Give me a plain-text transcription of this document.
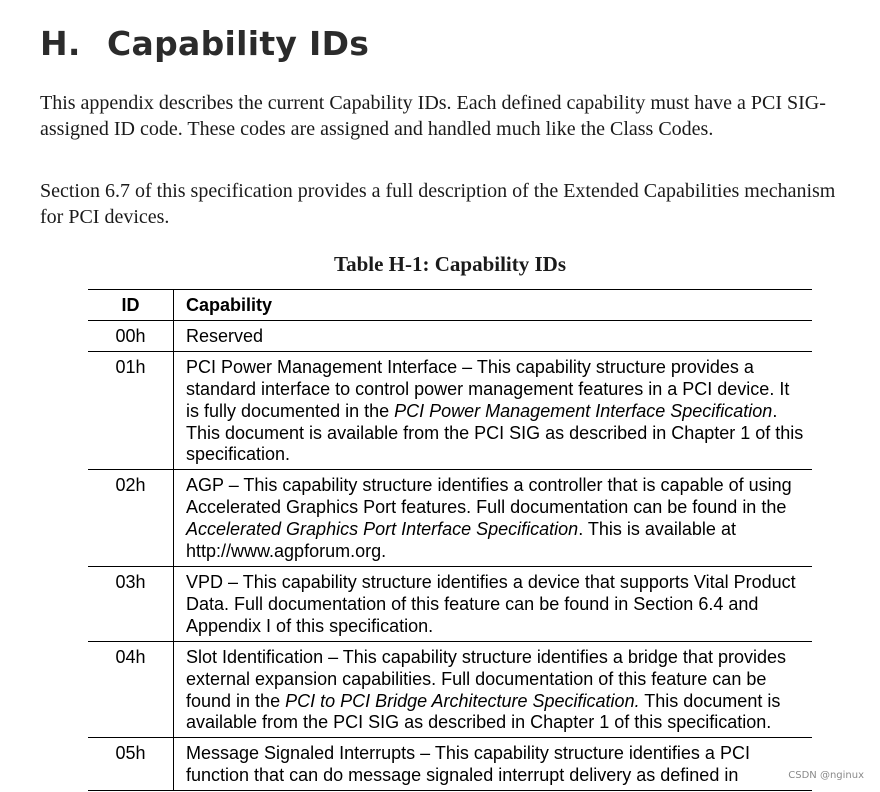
H. Capability IDs

This appendix describes the current Capability IDs. Each defined capability must have a PCI SIG-assigned ID code. These codes are assigned and handled much like the Class Codes.

Section 6.7 of this specification provides a full description of the Extended Capabilities mechanism for PCI devices.

Table H-1: Capability IDs
ID	Capability
00h	Reserved
01h	PCI Power Management Interface – This capability structure provides a standard interface to control power management features in a PCI device. It is fully documented in the PCI Power Management Interface Specification. This document is available from the PCI SIG as described in Chapter 1 of this specification.
02h	AGP – This capability structure identifies a controller that is capable of using Accelerated Graphics Port features. Full documentation can be found in the Accelerated Graphics Port Interface Specification. This is available at http://www.agpforum.org.
03h	VPD – This capability structure identifies a device that supports Vital Product Data. Full documentation of this feature can be found in Section 6.4 and Appendix I of this specification.
04h	Slot Identification – This capability structure identifies a bridge that provides external expansion capabilities. Full documentation of this feature can be found in the PCI to PCI Bridge Architecture Specification. This document is available from the PCI SIG as described in Chapter 1 of this specification.
05h	Message Signaled Interrupts – This capability structure identifies a PCI function that can do message signaled interrupt delivery as defined in	CSDN @nginux
